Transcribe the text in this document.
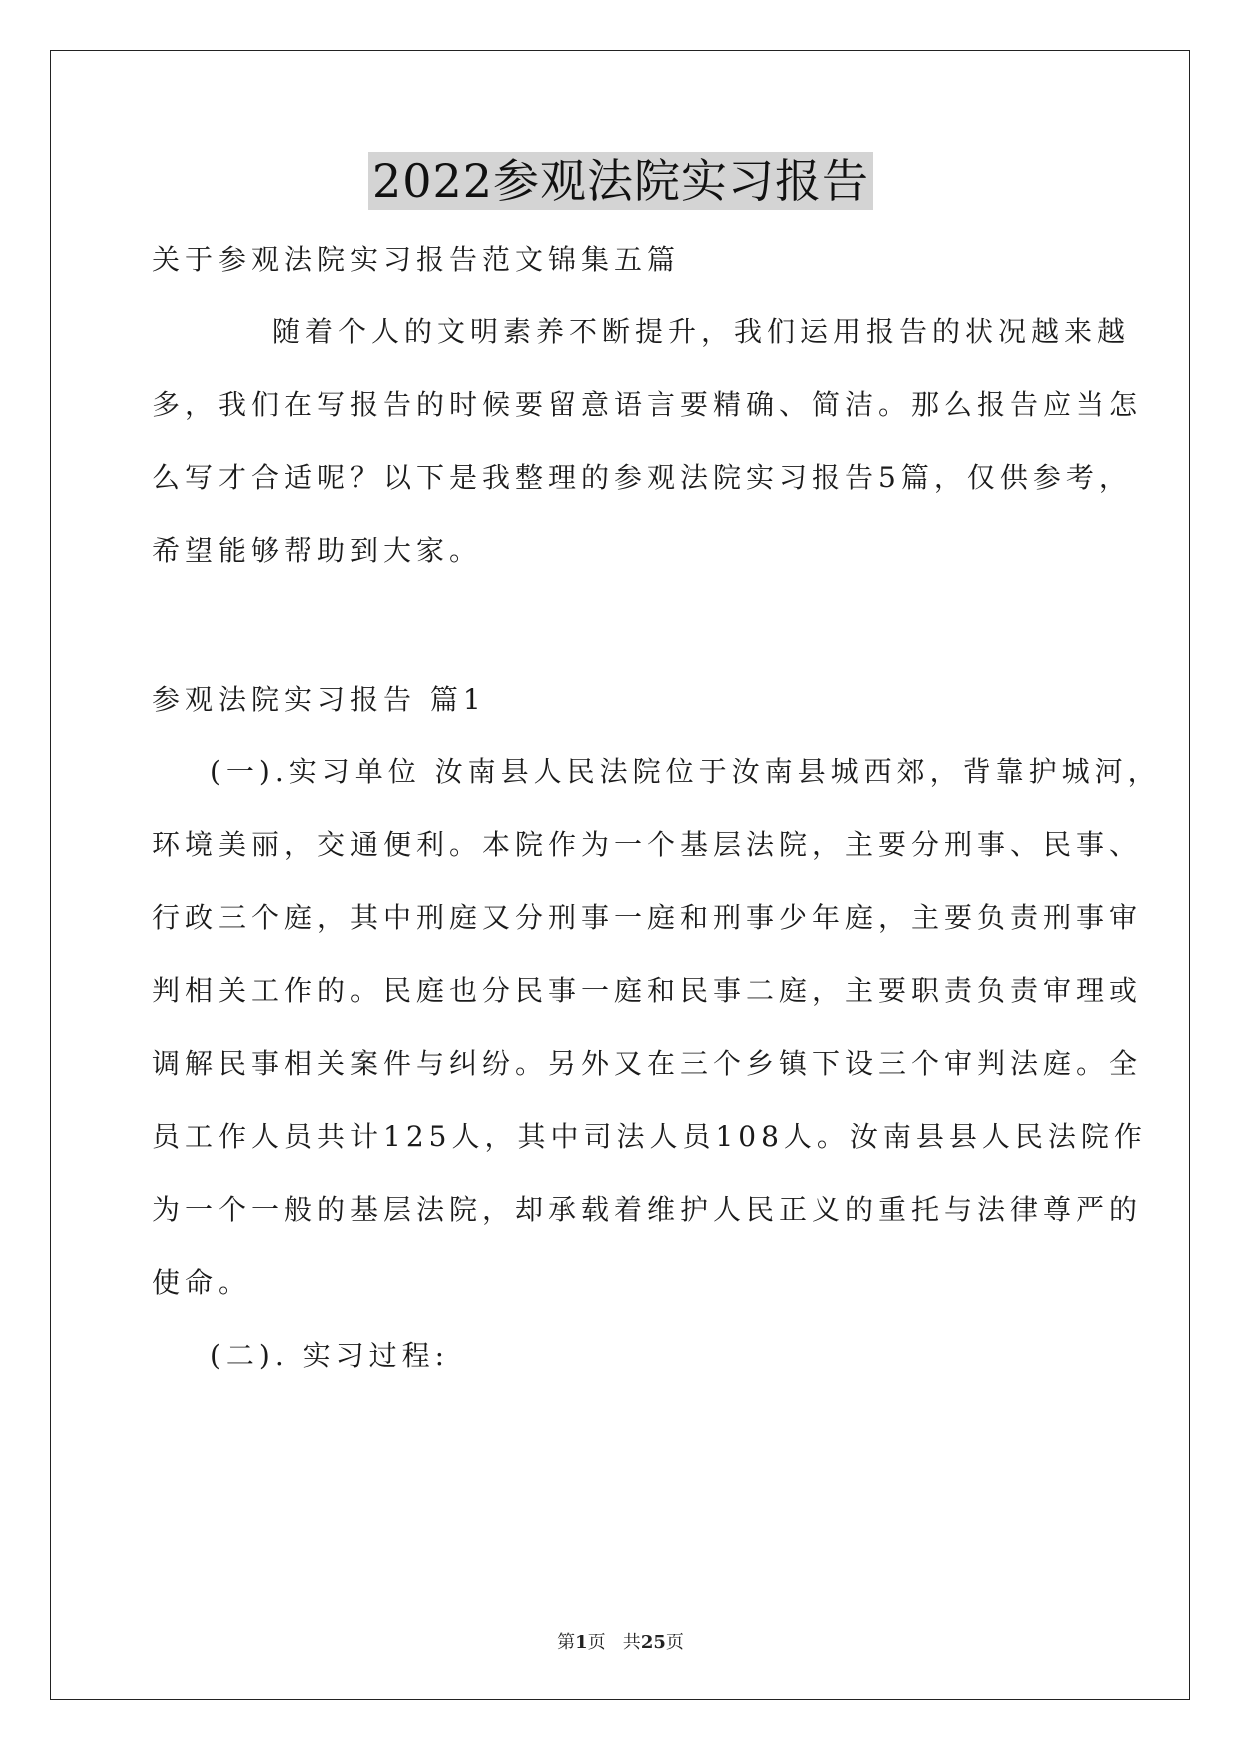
2022参观法院实习报告
关于参观法院实习报告范文锦集五篇
随着个人的文明素养不断提升，我们运用报告的状况越来越
多，我们在写报告的时候要留意语言要精确、简洁。那么报告应当怎
么写才合适呢？以下是我整理的参观法院实习报告5篇，仅供参考，
希望能够帮助到大家。
参观法院实习报告 篇1
(一).实习单位 汝南县人民法院位于汝南县城西郊，背靠护城河，
环境美丽，交通便利。本院作为一个基层法院，主要分刑事、民事、
行政三个庭，其中刑庭又分刑事一庭和刑事少年庭，主要负责刑事审
判相关工作的。民庭也分民事一庭和民事二庭，主要职责负责审理或
调解民事相关案件与纠纷。另外又在三个乡镇下设三个审判法庭。全
员工作人员共计125人，其中司法人员108人。汝南县县人民法院作
为一个一般的基层法院，却承载着维护人民正义的重托与法律尊严的
使命。
(二). 实习过程:
第1页   共25页
